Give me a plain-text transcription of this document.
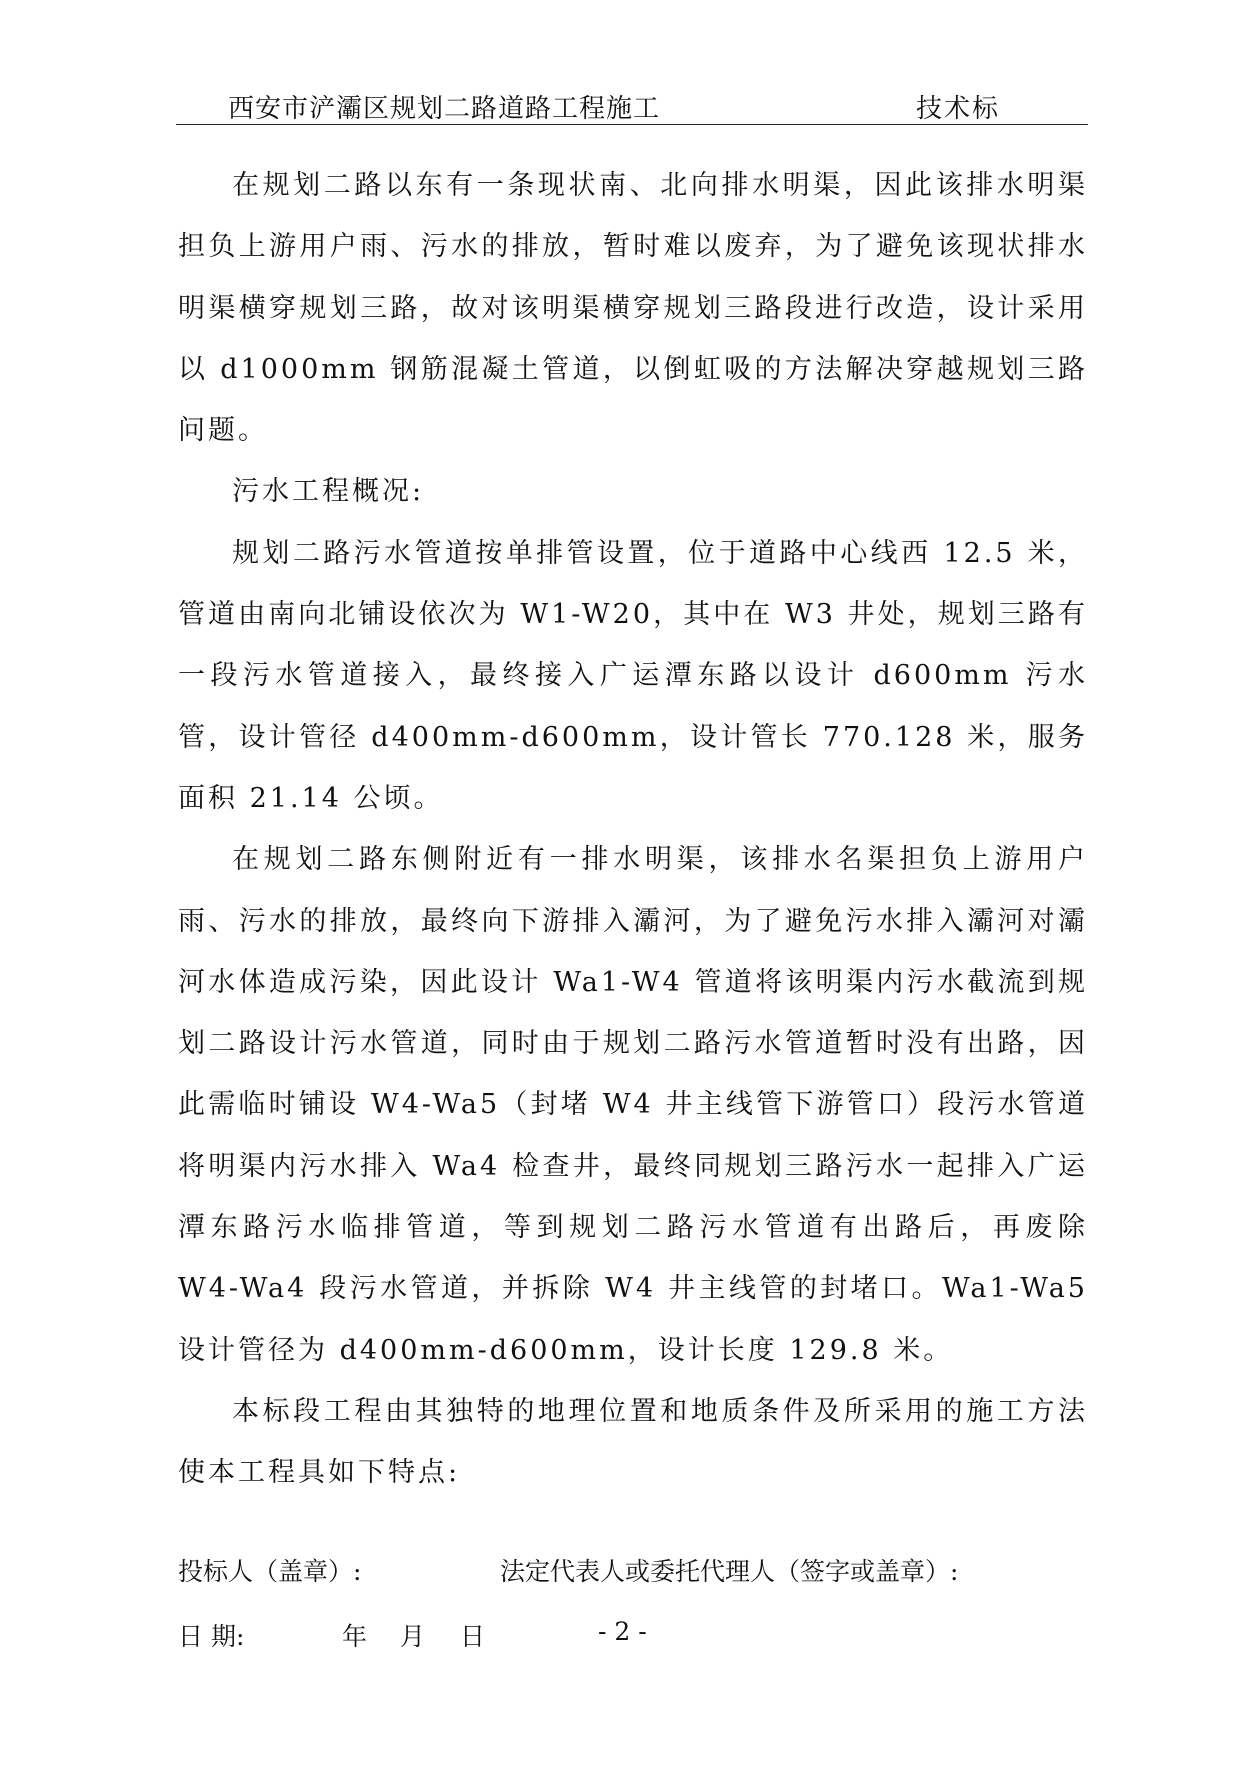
西安市浐灞区规划二路道路工程施工	技术标

在规划二路以东有一条现状南、北向排水明渠，因此该排水明渠担负上游用户雨、污水的排放，暂时难以废弃，为了避免该现状排水明渠横穿规划三路，故对该明渠横穿规划三路段进行改造，设计采用以 d1000mm 钢筋混凝土管道，以倒虹吸的方法解决穿越规划三路问题。

污水工程概况:

规划二路污水管道按单排管设置，位于道路中心线西 12.5 米，管道由南向北铺设依次为 W1-W20，其中在 W3 井处，规划三路有一段污水管道接入，最终接入广运潭东路以设计 d600mm 污水管，设计管径 d400mm-d600mm，设计管长 770.128 米，服务面积 21.14 公顷。

在规划二路东侧附近有一排水明渠，该排水名渠担负上游用户雨、污水的排放，最终向下游排入灞河，为了避免污水排入灞河对灞河水体造成污染，因此设计 Wa1-W4 管道将该明渠内污水截流到规划二路设计污水管道，同时由于规划二路污水管道暂时没有出路，因此需临时铺设 W4-Wa5（封堵 W4 井主线管下游管口）段污水管道将明渠内污水排入 Wa4 检查井，最终同规划三路污水一起排入广运潭东路污水临排管道，等到规划二路污水管道有出路后，再废除 W4-Wa4 段污水管道，并拆除 W4 井主线管的封堵口。Wa1-Wa5 设计管径为 d400mm-d600mm，设计长度 129.8 米。

本标段工程由其独特的地理位置和地质条件及所采用的施工方法使本工程具如下特点:

投标人（盖章）:

	法定代表人或委托代理人（签字或盖章）:

日 期:

	年

月

日

	- 2 -
